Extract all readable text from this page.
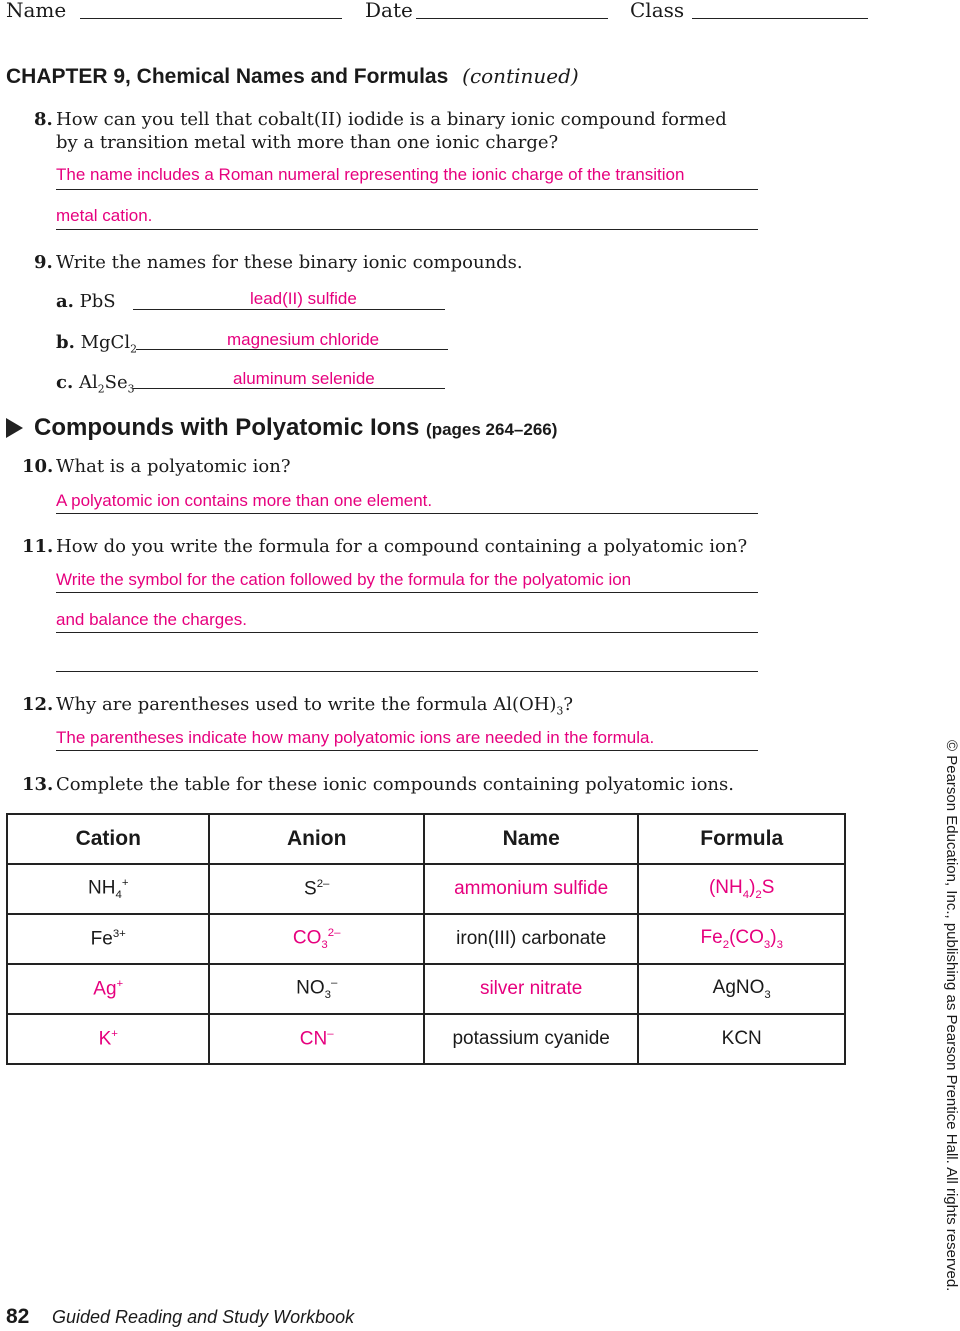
Name	Date	Class
CHAPTER 9, Chemical Names and Formulas (continued)
8. How can you tell that cobalt(II) iodide is a binary ionic compound formed
by a transition metal with more than one ionic charge?
The name includes a Roman numeral representing the ionic charge of the transition
metal cation.
9. Write the names for these binary ionic compounds.
a. PbS	lead(II) sulfide
b. MgCl$_2$
magnesium chloride
c. $Al_2Se_3$
aluminum selenide
Compounds with Polyatomic Ions (pages 264–266)
10. What is a polyatomic ion?
A polyatomic ion contains more than one element.
11. How do you write the formula for a compound containing a polyatomic ion?
Write the symbol for the cation followed by the formula for the polyatomic ion
and balance the charges.
12. Why are parentheses used to write the formula $Al(OH)_3$?
The parentheses indicate how many polyatomic ions are needed in the formula.
13. Complete the table for these ionic compounds containing polyatomic ions.
Cation	Anion	Name	Formula
$NH_4^+$	$S^{2-}$	ammonium sulfide	$(NH_4)_2S$
$Fe^{3+}$	$CO_3^{2-}$	iron(III) carbonate	$Fe_2(CO_3)_3$
Ag+	$NO_3^-$	silver nitrate	AgNO$_3$
K+	CN–	potassium cyanide	KCN	© Pearson Education, Inc., publishing as Pearson Prentice Hall. All rights reserved.
82 Guided Reading and Study Workbook
